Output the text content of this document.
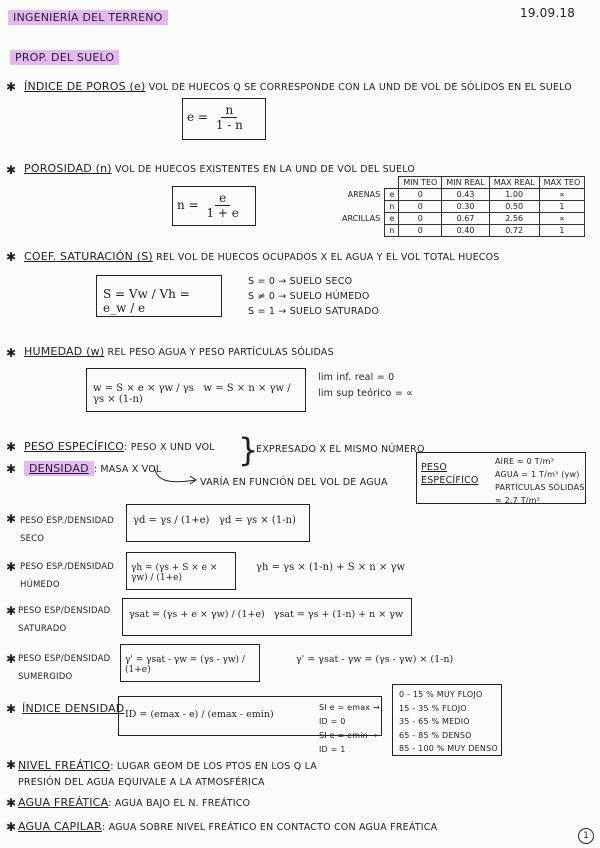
INGENIERÍA DEL TERRENO	19.09.18
PROP. DEL SUELO
✱ ÍNDICE DE POROS (e) VOL DE HUECOS Q SE CORRESPONDE CON LA UND DE VOL DE SÓLIDOS EN EL SUELO
$e = \frac{n}{1 - n}$
✱ POROSIDAD (n) VOL DE HUECOS EXISTENTES EN LA UND DE VOL DEL SUELO
$n = \frac{e}{1 + e}$
		MIN TEO	MIN REAL	MAX REAL	MAX TEO
ARENAS	e	0	0.43	1.00	∝
	n	0	0.30	0.50	1
ARCILLAS	e	0	0.67	2.56	∝
	n	0	0.40	0.72	1
✱ COEF. SATURACIÓN (S) REL VOL DE HUECOS OCUPADOS X EL AGUA Y EL VOL TOTAL HUECOS
S = Vw / Vh = e_w / e
S = 0 → SUELO SECO
S ≠ 0 → SUELO HÚMEDO
S = 1 → SUELO SATURADO
✱ HUMEDAD (w) REL PESO AGUA Y PESO PARTÍCULAS SÓLIDAS
w = S × e × γw / γs w = S × n × γw / γs × (1-n)
lim inf. real = 0
lim sup teórico = ∝
✱ PESO ESPECÍFICO: PESO X UND VOL
✱	DENSIDAD : MASA X VOL
}
EXPRESADO X EL MISMO NÚMERO
VARÍA EN FUNCIÓN DEL VOL DE AGUA
PESO ESPECÍFICO
AIRE ≈ 0 T/m³
AGUA = 1 T/m³ (γw)
PARTÍCULAS SÓLIDAS ≈ 2.7 T/m³
✱ PESO ESP./DENSIDAD SECO
γd = γs / (1+e) γd = γs × (1-n)
✱ PESO ESP./DENSIDAD HÚMEDO
γh = (γs + S × e × γw) / (1+e)
γh = γs × (1-n) + S × n × γw
✱ PESO ESP/DENSIDAD SATURADO
γsat = (γs + e × γw) / (1+e) γsat = γs + (1-n) + n × γw
✱ PESO ESP/DENSIDAD SUMERGIDO
γ' = γsat - γw = (γs - γw) / (1+e)
γ' = γsat - γw = (γs - γw) × (1-n)
✱ ÍNDICE DENSIDAD ID = (emax - e) / (emax - emin)
SI e = emax → ID = 0
SI e = emin → ID = 1
0 - 15 % MUY FLOJO
15 - 35 % FLOJO
35 - 65 % MEDIO
65 - 85 % DENSO
85 - 100 % MUY DENSO
✱ NIVEL FREÁTICO: LUGAR GEOM DE LOS PTOS EN LOS Q LA PRESIÓN DEL AGUA EQUIVALE A LA ATMOSFÉRICA
✱ AGUA FREÁTICA: AGUA BAJO EL N. FREÁTICO
✱ AGUA CAPILAR: AGUA SOBRE NIVEL FREÁTICO EN CONTACTO CON AGUA FREÁTICA
1
